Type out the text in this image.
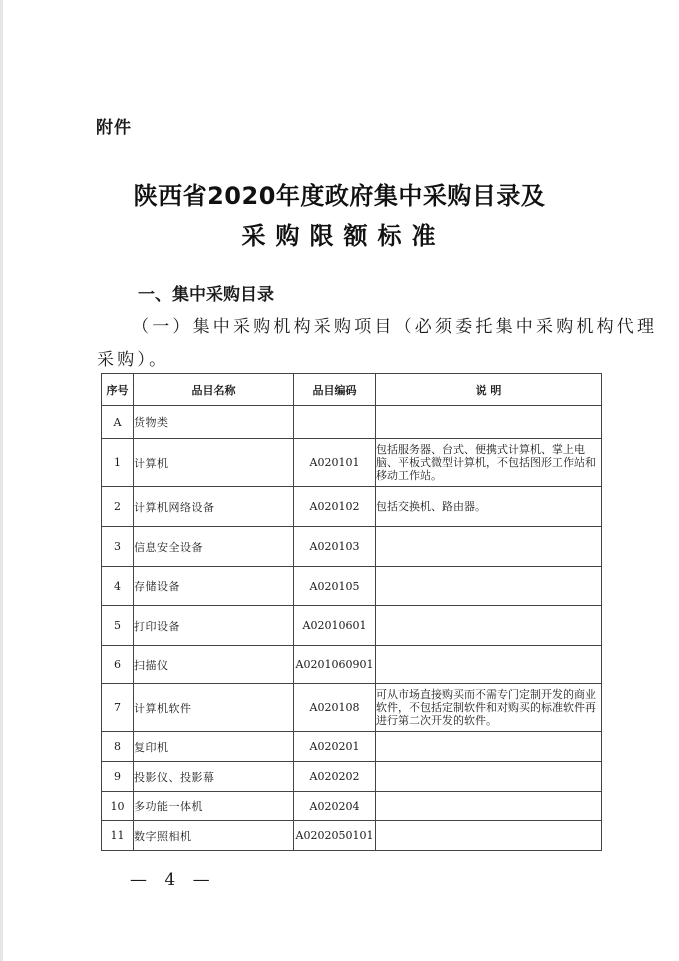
附件
陕西省2020年度政府集中采购目录及
采购限额标准
一、集中采购目录
（一）集中采购机构采购项目（必须委托集中采购机构代理
采购）。
序号	品目名称	品目编码	说 明
A	货物类		
1	计算机	A020101	包括服务器、台式、便携式计算机、掌上电脑、平板式微型计算机，不包括图形工作站和移动工作站。
2	计算机网络设备	A020102	包括交换机、路由器。
3	信息安全设备	A020103	
4	存储设备	A020105	
5	打印设备	A02010601	
6	扫描仪	A0201060901	
7	计算机软件	A020108	可从市场直接购买而不需专门定制开发的商业软件，不包括定制软件和对购买的标准软件再进行第二次开发的软件。
8	复印机	A020201	
9	投影仪、投影幕	A020202	
10	多功能一体机	A020204	
11	数字照相机	A0202050101	
— 4 —
